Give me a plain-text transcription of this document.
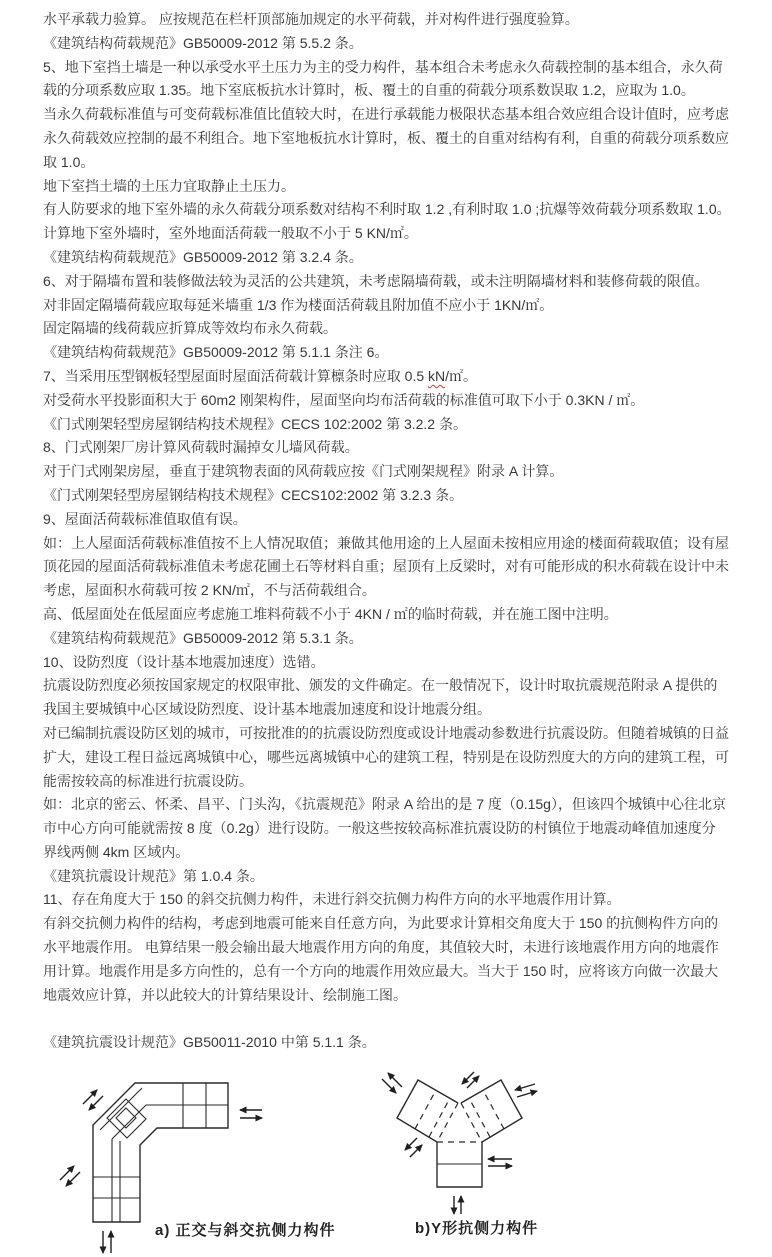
水平承载力验算。 应按规范在栏杆顶部施加规定的水平荷载，并对构件进行强度验算。
《建筑结构荷载规范》GB50009-2012 第 5.5.2 条。
5、地下室挡土墙是一种以承受水平土压力为主的受力构件，基本组合未考虑永久荷载控制的基本组合，永久荷
载的分项系数应取 1.35。地下室底板抗水计算时，板、覆土的自重的荷载分项系数误取 1.2，应取为 1.0。
当永久荷载标准值与可变荷载标准值比值较大时，在进行承载能力极限状态基本组合效应组合设计值时，应考虑
永久荷载效应控制的最不利组合。地下室地板抗水计算时，板、覆土的自重对结构有利，自重的荷载分项系数应
取 1.0。
地下室挡土墙的土压力宜取静止土压力。
有人防要求的地下室外墙的永久荷载分项系数对结构不利时取 1.2 ,有利时取 1.0 ;抗爆等效荷载分项系数取 1.0。
计算地下室外墙时，室外地面活荷载一般取不小于 5 KN/㎡。
《建筑结构荷载规范》GB50009-2012 第 3.2.4 条。
6、对于隔墙布置和装修做法较为灵活的公共建筑，未考虑隔墙荷载，或未注明隔墙材料和装修荷载的限值。
对非固定隔墙荷载应取每延米墙重 1/3 作为楼面活荷载且附加值不应小于 1KN/㎡。
固定隔墙的线荷载应折算成等效均布永久荷载。
《建筑结构荷载规范》GB50009-2012 第 5.1.1 条注 6。
7、当采用压型钢板轻型屋面时屋面活荷载计算檩条时应取 0.5 kN/㎡。
对受荷水平投影面积大于 60m2 刚架构件，屋面坚向均布活荷载的标准值可取下小于 0.3KN / ㎡。
《门式刚架轻型房屋钢结构技术规程》CECS 102:2002 第 3.2.2 条。
8、门式刚架厂房计算风荷载时漏掉女儿墙风荷载。
对于门式刚架房屋，垂直于建筑物表面的风荷载应按《门式刚架规程》附录 A 计算。
《门式刚架轻型房屋钢结构技术规程》CECS102:2002 第 3.2.3 条。
9、屋面活荷载标准值取值有误。
如：上人屋面活荷载标准值按不上人情况取值；兼做其他用途的上人屋面未按相应用途的楼面荷载取值；设有屋
顶花园的屋面活荷载标准值未考虑花圃土石等材料自重；屋顶有上反梁时，对有可能形成的积水荷载在设计中未
考虑，屋面积水荷载可按 2 KN/㎡，不与活荷载组合。
高、低屋面处在低屋面应考虑施工堆料荷载不小于 4KN / ㎡的临时荷载，并在施工图中注明。
《建筑结构荷载规范》GB50009-2012 第 5.3.1 条。
10、设防烈度（设计基本地震加速度）选错。
抗震设防烈度必须按国家规定的权限审批、颁发的文件确定。在一般情况下，设计时取抗震规范附录 A 提供的
我国主要城镇中心区域设防烈度、设计基本地震加速度和设计地震分组。
对已编制抗震设防区划的城市，可按批准的的抗震设防烈度或设计地震动参数进行抗震设防。但随着城镇的日益
扩大，建设工程日益远离城镇中心，哪些远离城镇中心的建筑工程，特别是在设防烈度大的方向的建筑工程，可
能需按较高的标准进行抗震设防。
如：北京的密云、怀柔、昌平、门头沟，《抗震规范》附录 A 给出的是 7 度（0.15g），但该四个城镇中心往北京
市中心方向可能就需按 8 度（0.2g）进行设防。一般这些按较高标准抗震设防的村镇位于地震动峰值加速度分
界线两侧 4km 区域内。
《建筑抗震设计规范》第 1.0.4 条。
11、存在角度大于 150 的斜交抗侧力构件，未进行斜交抗侧力构件方向的水平地震作用计算。
有斜交抗侧力构件的结构，考虑到地震可能来自任意方向，为此要求计算相交角度大于 150 的抗侧构件方向的
水平地震作用。 电算结果一般会输出最大地震作用方向的角度，其值较大时，未进行该地震作用方向的地震作
用计算。地震作用是多方向性的，总有一个方向的地震作用效应最大。当大于 150 时，应将该方向做一次最大
地震效应计算，并以此较大的计算结果设计、绘制施工图。

《建筑抗震设计规范》GB50011-2010 中第 5.1.1 条。
a) 正交与斜交抗侧力构件	b)Y形抗侧力构件
